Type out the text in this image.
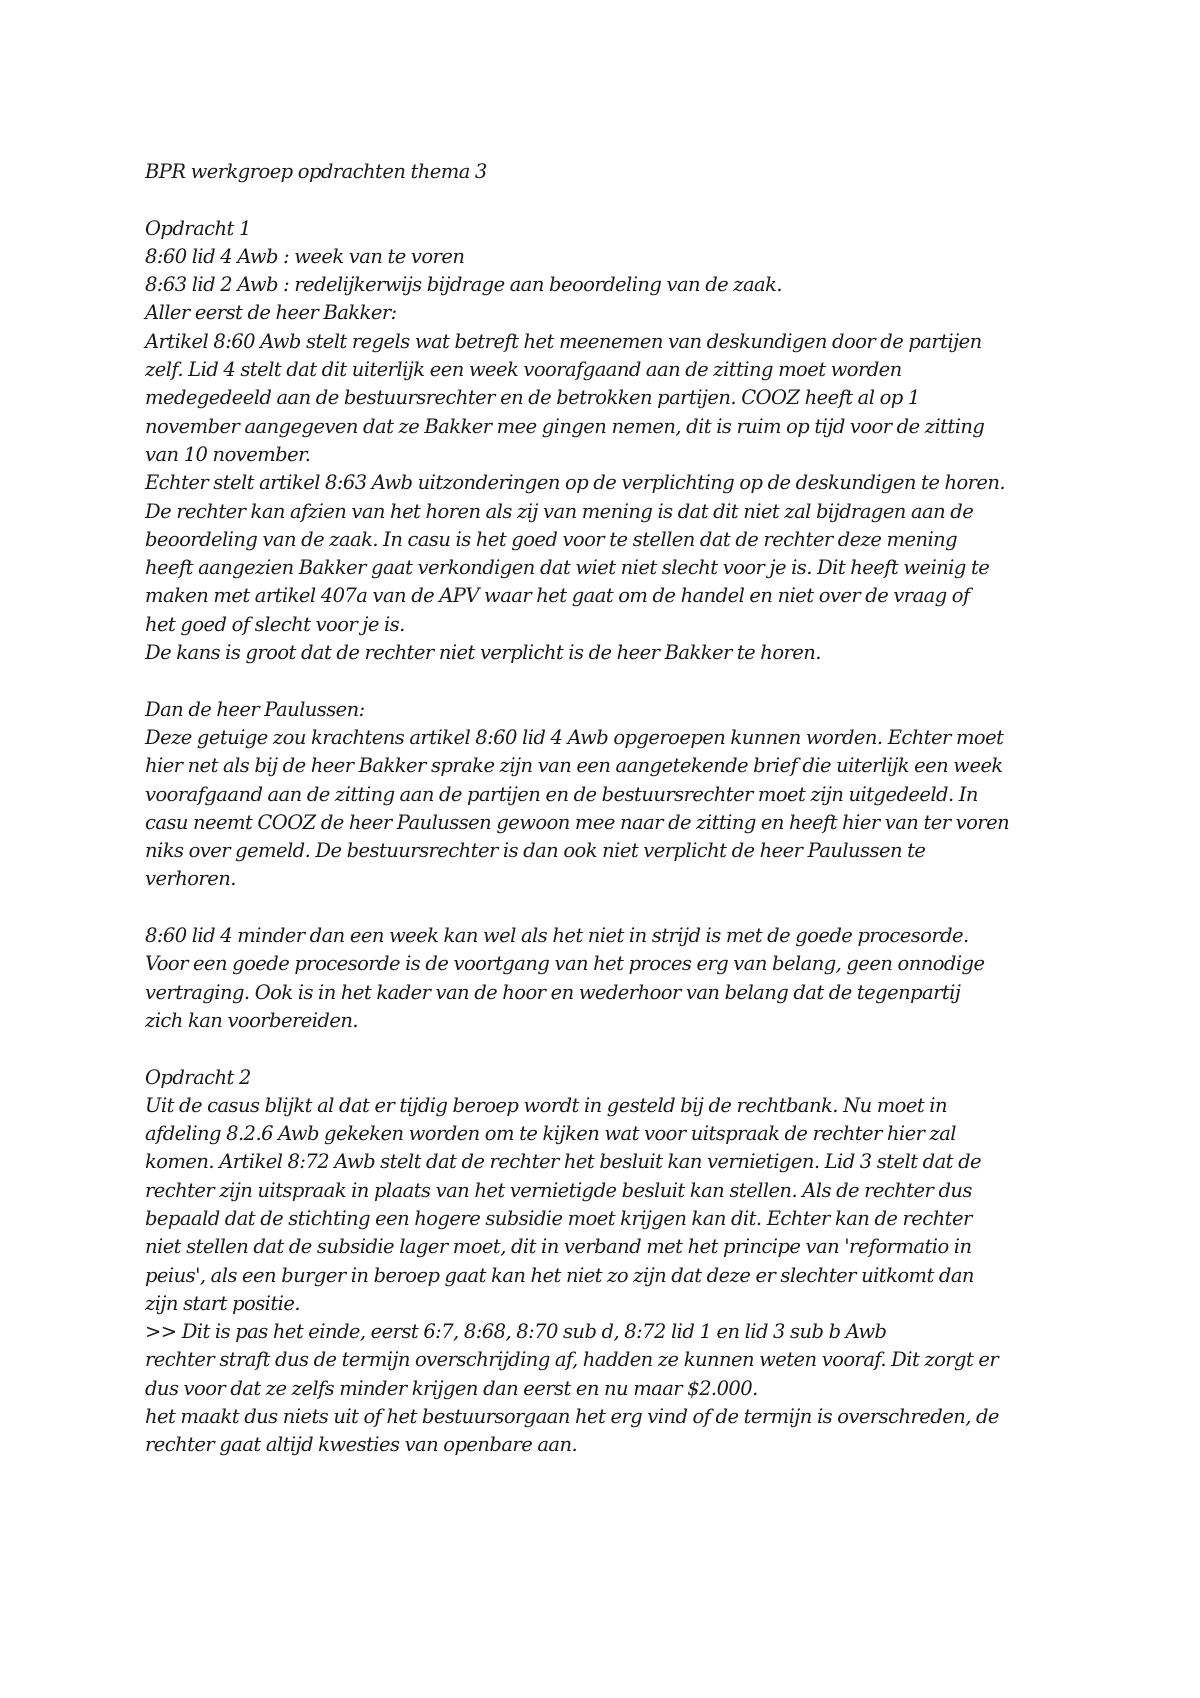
BPR werkgroep opdrachten thema 3

Opdracht 1

8:60 lid 4 Awb : week van te voren

8:63 lid 2 Awb : redelijkerwijs bijdrage aan beoordeling van de zaak.

Aller eerst de heer Bakker:

Artikel 8:60 Awb stelt regels wat betreft het meenemen van deskundigen door de partijen

zelf. Lid 4 stelt dat dit uiterlijk een week voorafgaand aan de zitting moet worden

medegedeeld aan de bestuursrechter en de betrokken partijen. COOZ heeft al op 1

november aangegeven dat ze Bakker mee gingen nemen, dit is ruim op tijd voor de zitting

van 10 november.

Echter stelt artikel 8:63 Awb uitzonderingen op de verplichting op de deskundigen te horen.

De rechter kan afzien van het horen als zij van mening is dat dit niet zal bijdragen aan de

beoordeling van de zaak. In casu is het goed voor te stellen dat de rechter deze mening

heeft aangezien Bakker gaat verkondigen dat wiet niet slecht voor je is. Dit heeft weinig te

maken met artikel 407a van de APV waar het gaat om de handel en niet over de vraag of

het goed of slecht voor je is.

De kans is groot dat de rechter niet verplicht is de heer Bakker te horen.

Dan de heer Paulussen:

Deze getuige zou krachtens artikel 8:60 lid 4 Awb opgeroepen kunnen worden. Echter moet

hier net als bij de heer Bakker sprake zijn van een aangetekende brief die uiterlijk een week

voorafgaand aan de zitting aan de partijen en de bestuursrechter moet zijn uitgedeeld. In

casu neemt COOZ de heer Paulussen gewoon mee naar de zitting en heeft hier van ter voren

niks over gemeld. De bestuursrechter is dan ook niet verplicht de heer Paulussen te

verhoren.

8:60 lid 4 minder dan een week kan wel als het niet in strijd is met de goede procesorde.

Voor een goede procesorde is de voortgang van het proces erg van belang, geen onnodige

vertraging. Ook is in het kader van de hoor en wederhoor van belang dat de tegenpartij

zich kan voorbereiden.

Opdracht 2

Uit de casus blijkt al dat er tijdig beroep wordt in gesteld bij de rechtbank. Nu moet in

afdeling 8.2.6 Awb gekeken worden om te kijken wat voor uitspraak de rechter hier zal

komen. Artikel 8:72 Awb stelt dat de rechter het besluit kan vernietigen. Lid 3 stelt dat de

rechter zijn uitspraak in plaats van het vernietigde besluit kan stellen. Als de rechter dus

bepaald dat de stichting een hogere subsidie moet krijgen kan dit. Echter kan de rechter

niet stellen dat de subsidie lager moet, dit in verband met het principe van 'reformatio in

peius', als een burger in beroep gaat kan het niet zo zijn dat deze er slechter uitkomt dan

zijn start positie.

>> Dit is pas het einde, eerst 6:7, 8:68, 8:70 sub d, 8:72 lid 1 en lid 3 sub b Awb

rechter straft dus de termijn overschrijding af, hadden ze kunnen weten vooraf. Dit zorgt er

dus voor dat ze zelfs minder krijgen dan eerst en nu maar $2.000.

het maakt dus niets uit of het bestuursorgaan het erg vind of de termijn is overschreden, de

rechter gaat altijd kwesties van openbare aan.
